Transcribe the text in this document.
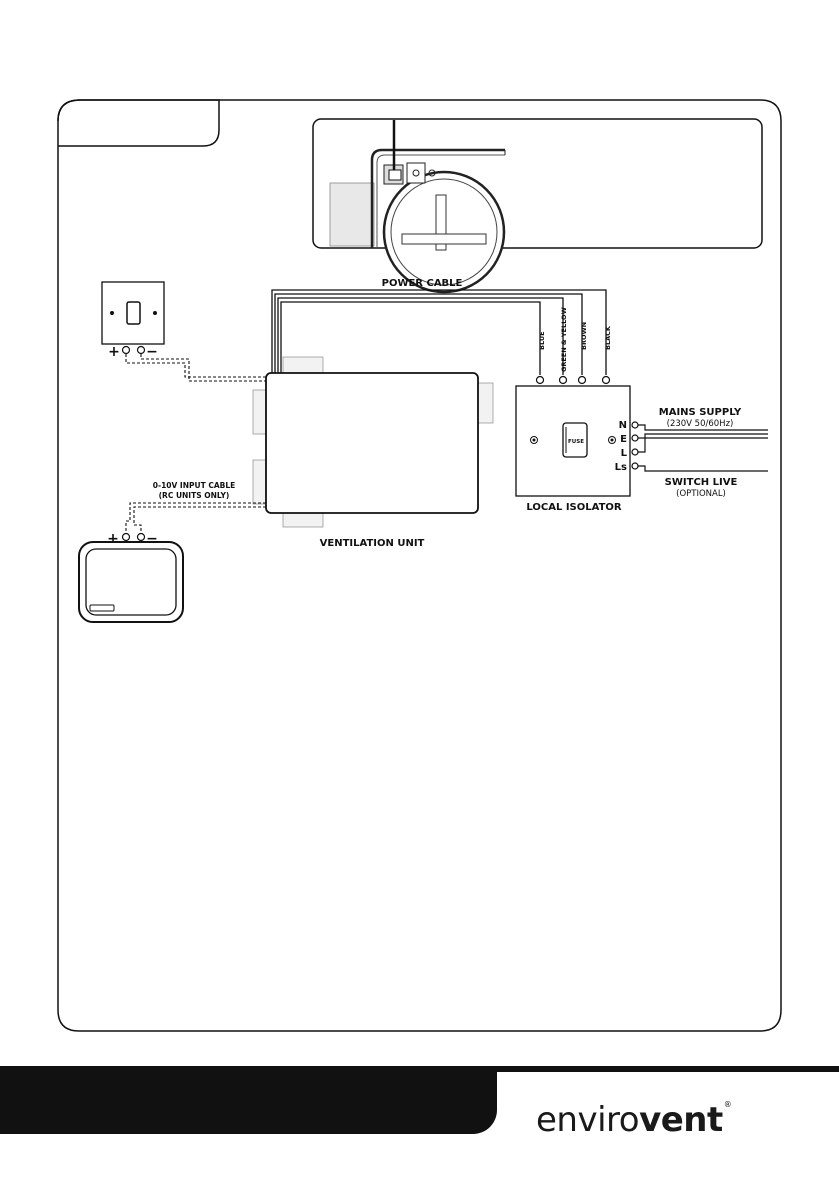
POWER CABLE
BLUE GREEN & YELLOW BROWN BLACK
FUSE
LOCAL ISOLATOR
N
E
L
Ls
MAINS SUPPLY
(230V 50/60Hz)
SWITCH LIVE
(OPTIONAL)
VENTILATION UNIT
+ −
0-10V INPUT CABLE
(RC UNITS ONLY)
+ −
envirovent®
